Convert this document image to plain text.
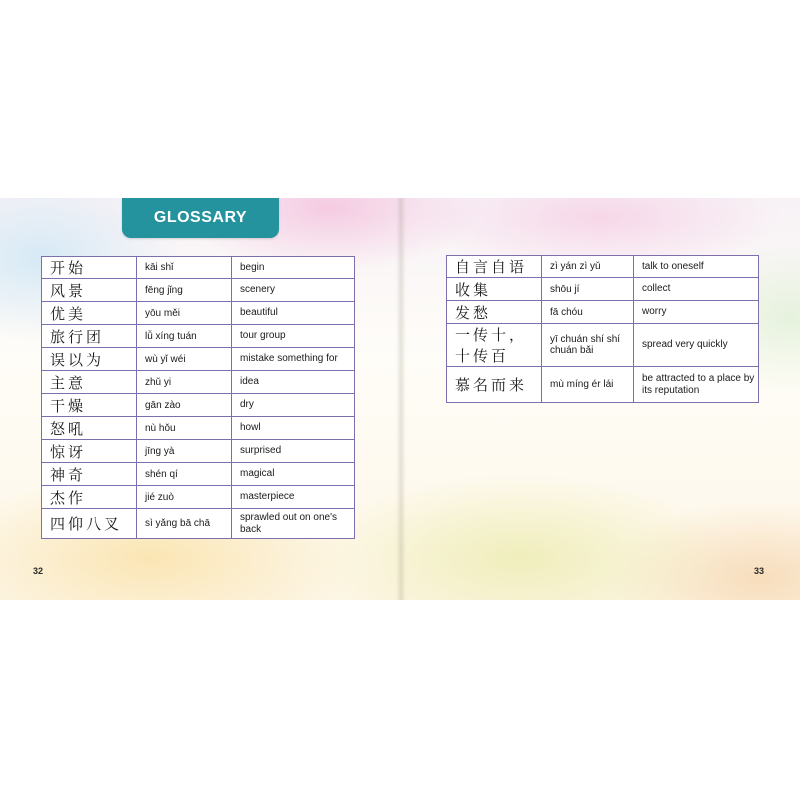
GLOSSARY
开始	kāi shǐ	begin
风景	fēng jǐng	scenery
优美	yōu měi	beautiful
旅行团	lǚ xíng tuán	tour group
误以为	wù yǐ wéi	mistake something for
主意	zhǔ yi	idea
干燥	gān zào	dry
怒吼	nù hǒu	howl
惊讶	jīng yà	surprised
神奇	shén qí	magical
杰作	jié zuò	masterpiece
四仰八叉	sì yǎng bā chā	sprawled out on one's back
自言自语	zì yán zì yǔ	talk to oneself
收集	shōu jí	collect
发愁	fā chóu	worry
一传十，十传百	yī chuán shí shí chuán bǎi	spread very quickly
慕名而来	mù míng ér lái	be attracted to a place by its reputation
32	33
